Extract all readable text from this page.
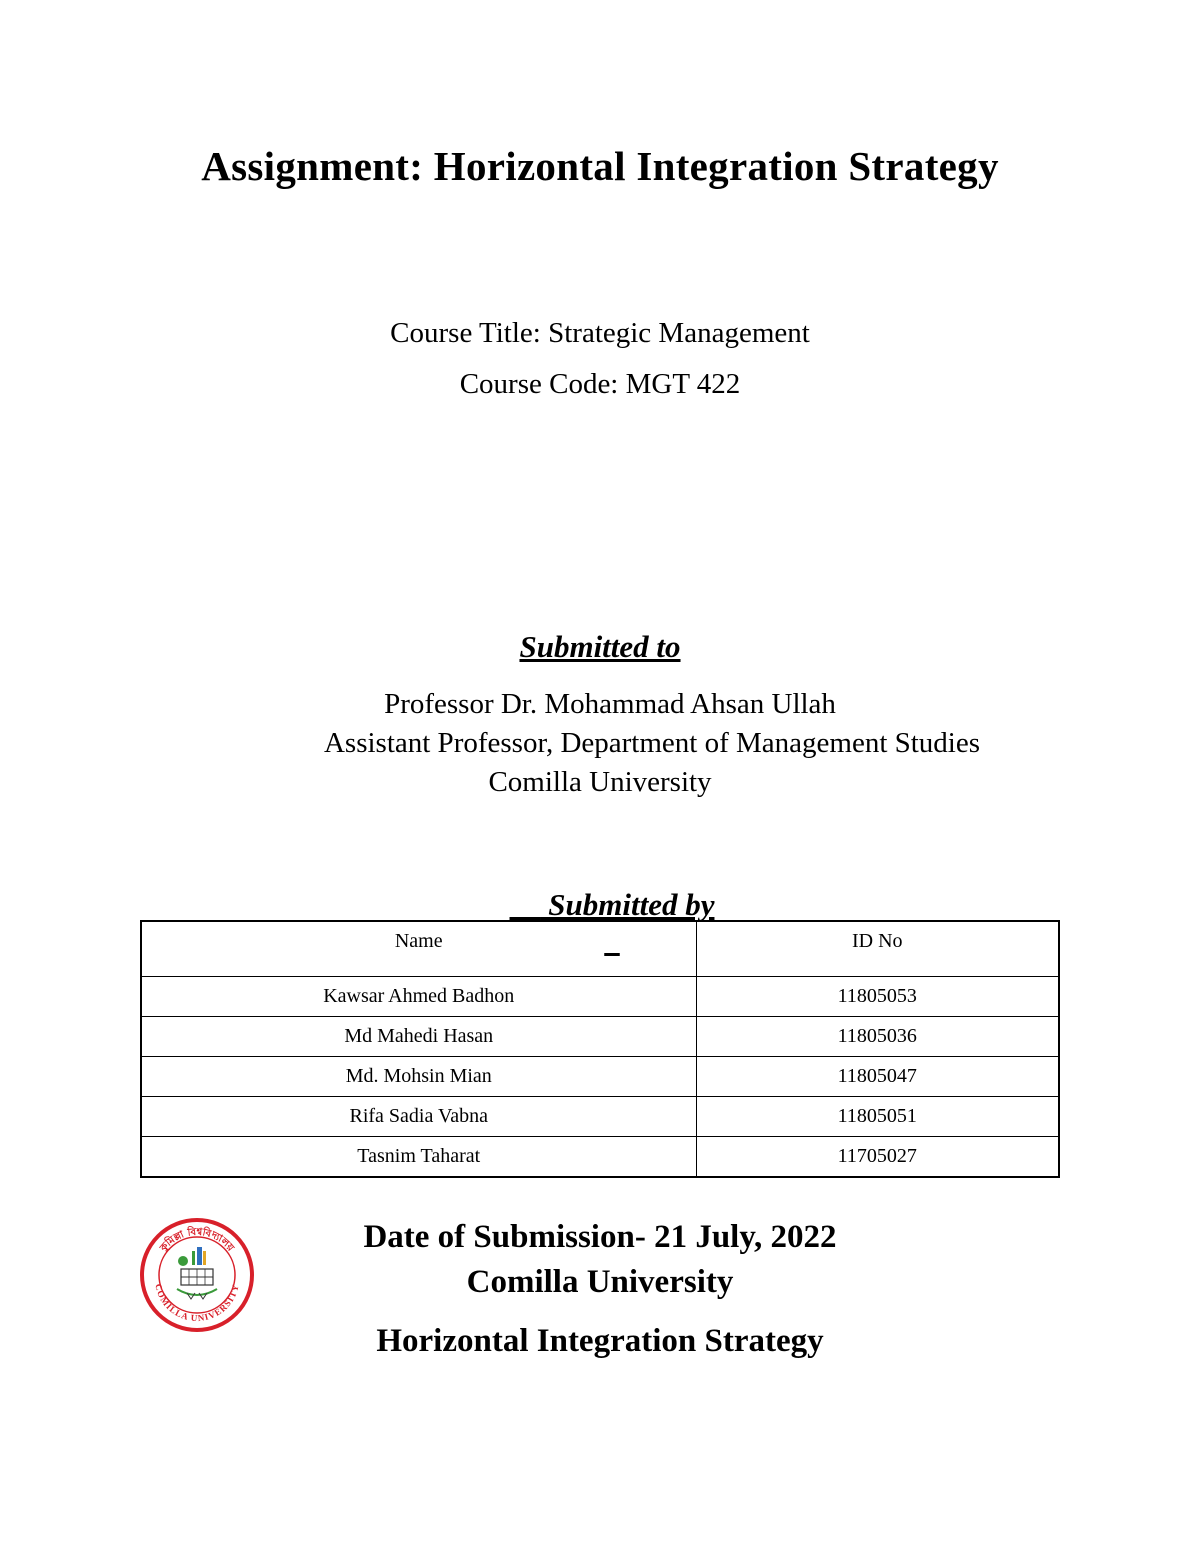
Assignment: Horizontal Integration Strategy
Course Title: Strategic Management
Course Code: MGT 422
Submitted to
Professor Dr. Mohammad Ahsan Ullah
Assistant Professor, Department of Management Studies
Comilla University

Submitted by

Name	ID No
Kawsar Ahmed Badhon	11805053
Md Mahedi Hasan	11805036
Md. Mohsin Mian	11805047
Rifa Sadia Vabna	11805051
Tasnim Taharat	11705027
কুমিল্লা বিশ্ববিদ্যালয়
COMILLA UNIVERSITY
Date of Submission- 21 July, 2022
Comilla University
Horizontal Integration Strategy
